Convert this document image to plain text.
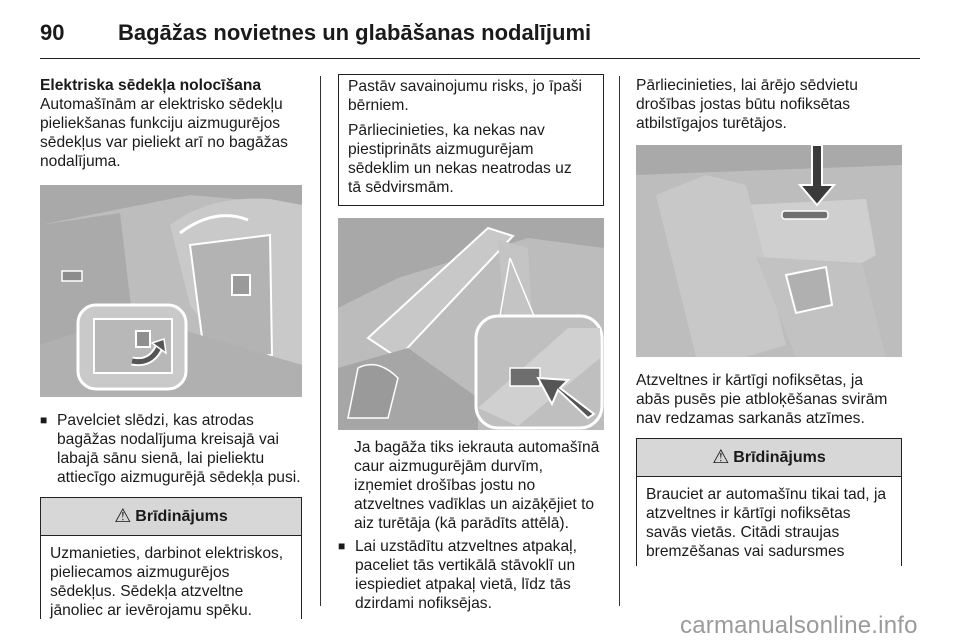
90 Bagāžas novietnes un glabāšanas nodalījumi

Elektriska sēdekļa nolocīšana

Automašīnām ar elektrisko sēdekļu

pieliekšanas funkciju aizmugurējos

sēdekļus var pieliekt arī no bagāžas

nodalījuma.

■ Pavelciet slēdzi, kas atrodas
bagāžas nodalījuma kreisajā vai
labajā sānu sienā, lai pieliektu
attiecīgo aizmugurējā sēdekļa pusi.
⚠ Brīdinājums
Uzmanieties, darbinot elektriskos,
pieliecamos aizmugurējos
sēdekļus. Sēdekļa atzveltne
jānoliec ar ievērojamu spēku.

Pastāv savainojumu risks, jo īpaši
bērniem.

Pārliecinieties, ka nekas nav
piestiprināts aizmugurējam
sēdeklim un nekas neatrodas uz
tā sēdvirsmām.

Ja bagāža tiks iekrauta automašīnā

caur aizmugurējām durvīm,

izņemiet drošības jostu no

atzveltnes vadīklas un aizāķējiet to

aiz turētāja (kā parādīts attēlā).

■ Lai uzstādītu atzveltnes atpakaļ,
paceliet tās vertikālā stāvoklī un
iespiediet atpakaļ vietā, līdz tās
dzirdami nofiksējas.

Pārliecinieties, lai ārējo sēdvietu

drošības jostas būtu nofiksētas

atbilstīgajos turētājos.

Atzveltnes ir kārtīgi nofiksētas, ja

abās pusēs pie atbloķēšanas svirām

nav redzamas sarkanās atzīmes.

⚠ Brīdinājums
Brauciet ar automašīnu tikai tad, ja
atzveltnes ir kārtīgi nofiksētas
savās vietās. Citādi straujas
bremzēšanas vai sadursmes
carmanualsonline.info
